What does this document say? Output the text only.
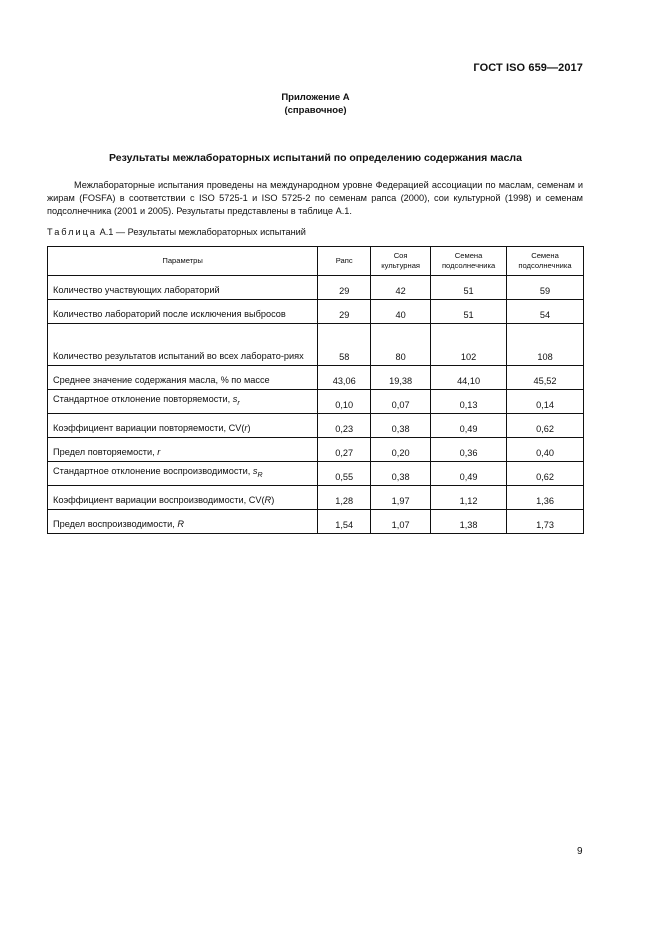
ГОСТ ISO 659—2017
Приложение А
(справочное)
Результаты межлабораторных испытаний по определению содержания масла

Межлабораторные испытания проведены на международном уровне Федерацией ассоциации по маслам, семенам и жирам (FOSFA) в соответствии с ISO 5725-1 и ISO 5725-2 по семенам рапса (2000), сои культурной (1998) и семенам подсолнечника (2001 и 2005). Результаты представлены в таблице А.1.

Таблица А.1 — Результаты межлабораторных испытаний
Параметры	Рапс	Соя культурная	Семена подсолнечника	Семена подсолнечника
Количество участвующих лабораторий	29	42	51	59
Количество лабораторий после исключения выбросов	29	40	51	54
Количество результатов испытаний во всех лаборато-риях	58	80	102	108
Среднее значение содержания масла, % по массе	43,06	19,38	44,10	45,52
Стандартное отклонение повторяемости, $s_r$	0,10	0,07	0,13	0,14
Коэффициент вариации повторяемости, CV(r)	0,23	0,38	0,49	0,62
Предел повторяемости, r	0,27	0,20	0,36	0,40
Стандартное отклонение воспроизводимости, $s_R$	0,55	0,38	0,49	0,62
Коэффициент вариации воспроизводимости, CV(R)	1,28	1,97	1,12	1,36
Предел воспроизводимости, R	1,54	1,07	1,38	1,73
9
